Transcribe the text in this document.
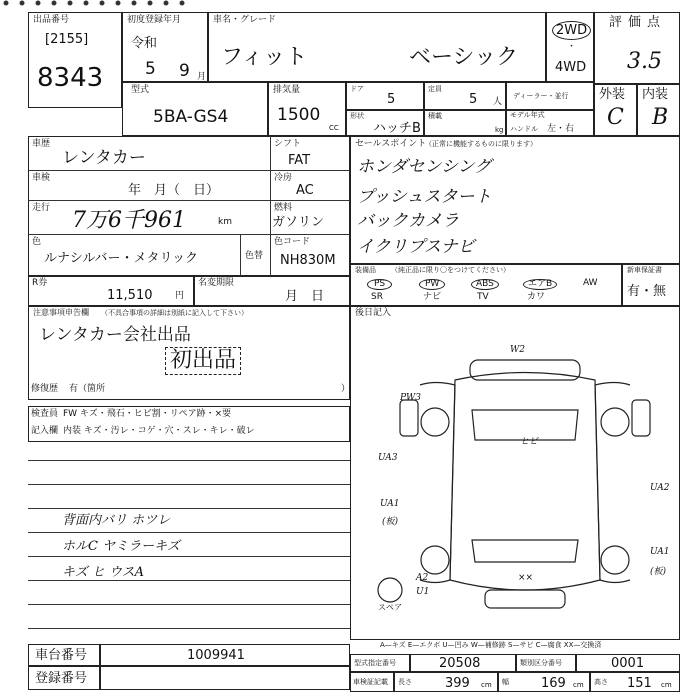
出品番号
[2155]
8343
初度登録年月
令和
5 9 月
車名・グレード
フィット	ベーシック
2WD
・
4WD
評価点
3.5
外装
C
内装
B
型式
5BA-GS4
排気量
1500
CC
ドア
5
定員
5 人
ディーラー・並行
形状
ハッチB
積載
kg
モデル年式
ハンドル 左・右
車歴
レンタカー
車検
年　月（　日）
走行 7万6千961	km
色
ルナシルバー・メタリック	色替
シフト
FAT
冷房
AC
燃料
ガソリン
色コード
NH830M
R券
11,510	円
名変期限
月　日
セールスポイント
（正常に機能するものに限ります）
ホンダセンシング
プッシュスタート
バックカメラ
イクリプスナビ
装備品 （純正品に限り〇をつけてください）
PS	PW	ABS	エアB	AW
SR	ナビ	TV	カワ
新車保証書
有・無
注意事項申告欄 （不具合事項の詳細は別紙に記入して下さい）
レンタカー会社出品
初出品
修復歴 有（箇所	）
後日記入
検査員
記入欄
FW キズ・飛石・ヒビ割・リペア跡・×要
内装 キズ・汚レ・コゲ・穴・スレ・キレ・破レ
背面内バリ ホツレ
ホルC ヤミラーキズ
キズ ヒ ウスA
W2
PW3
UA3
UA1
(板)
A2
U1
ヒビ
××
UA2
UA1
(板)
スペア
A—キズ E—エクボ U—凹み W—補修跡 S—サビ C—腐食 XX—交換済
車台番号	1009941
登録番号
型式指定番号	20508	類別区分番号	0001
車検証記載 長さ	399 cm 幅 169 cm 高さ 151 cm
